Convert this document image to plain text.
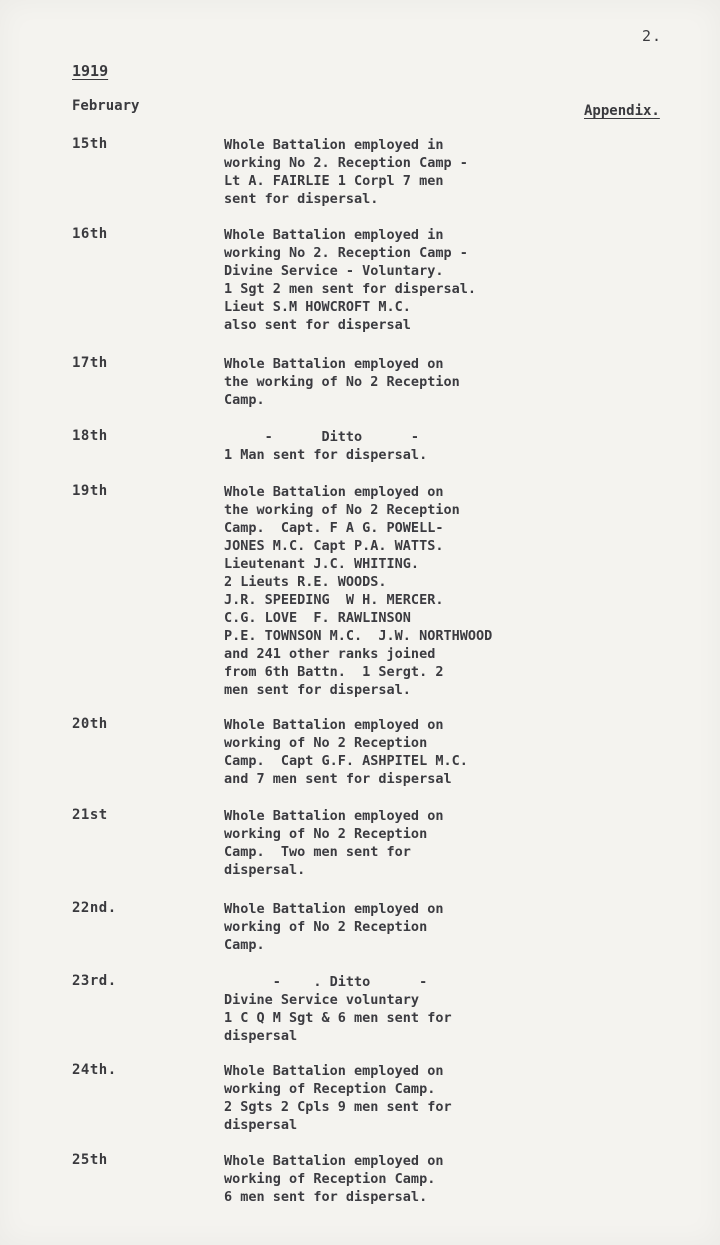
2.
1919
February	Appendix.
15th	Whole Battalion employed in
working No 2. Reception Camp -
Lt A. FAIRLIE 1 Corpl 7 men
sent for dispersal.
16th	Whole Battalion employed in
working No 2. Reception Camp -
Divine Service - Voluntary.
1 Sgt 2 men sent for dispersal.
Lieut S.M HOWCROFT M.C.
also sent for dispersal
17th	Whole Battalion employed on
the working of No 2 Reception
Camp.
18th	-      Ditto      -
1 Man sent for dispersal.
19th	Whole Battalion employed on
the working of No 2 Reception
Camp.  Capt. F A G. POWELL-
JONES M.C. Capt P.A. WATTS.
Lieutenant J.C. WHITING.
2 Lieuts R.E. WOODS.
J.R. SPEEDING  W H. MERCER.
C.G. LOVE  F. RAWLINSON
P.E. TOWNSON M.C.  J.W. NORTHWOOD
and 241 other ranks joined
from 6th Battn.  1 Sergt. 2
men sent for dispersal.
20th	Whole Battalion employed on
working of No 2 Reception
Camp.  Capt G.F. ASHPITEL M.C.
and 7 men sent for dispersal
21st	Whole Battalion employed on
working of No 2 Reception
Camp.  Two men sent for
dispersal.
22nd.	Whole Battalion employed on
working of No 2 Reception
Camp.
23rd.	-    . Ditto      -
Divine Service voluntary
1 C Q M Sgt & 6 men sent for
dispersal
24th.	Whole Battalion employed on
working of Reception Camp.
2 Sgts 2 Cpls 9 men sent for
dispersal
25th	Whole Battalion employed on
working of Reception Camp.
6 men sent for dispersal.
